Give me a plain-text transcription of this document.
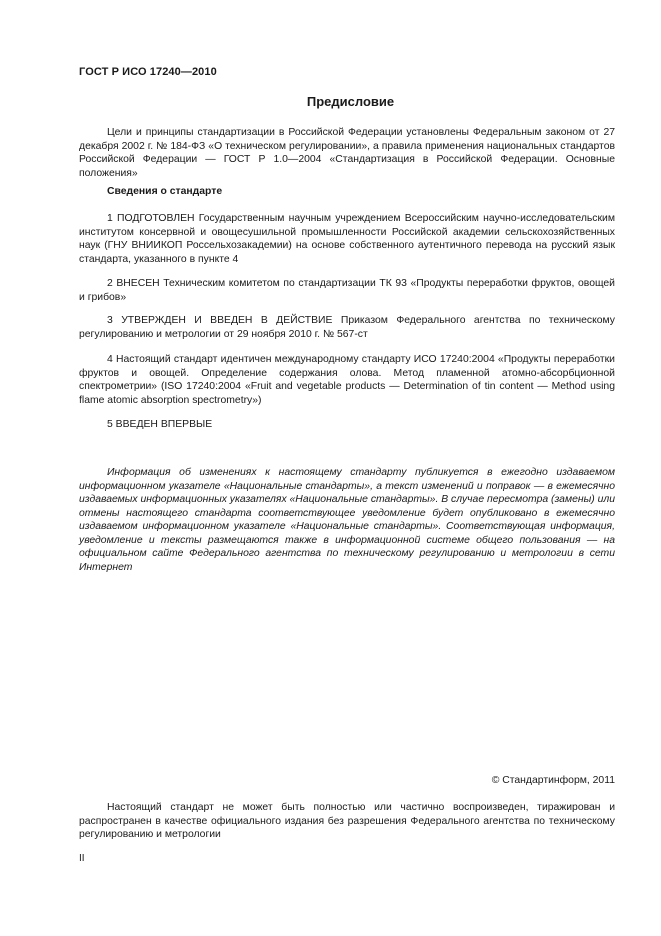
ГОСТ Р ИСО 17240—2010
Предисловие
Цели и принципы стандартизации в Российской Федерации установлены Федеральным законом от 27 декабря 2002 г. № 184-ФЗ «О техническом регулировании», а правила применения национальных стандартов Российской Федерации — ГОСТ Р 1.0—2004 «Стандартизация в Российской Федерации. Основные положения»
Сведения о стандарте
1 ПОДГОТОВЛЕН Государственным научным учреждением Всероссийским научно-исследовательским институтом консервной и овощесушильной промышленности Российской академии сельскохозяйственных наук (ГНУ ВНИИКОП Россельхозакадемии) на основе собственного аутентичного перевода на русский язык стандарта, указанного в пункте 4
2 ВНЕСЕН Техническим комитетом по стандартизации ТК 93 «Продукты переработки фруктов, овощей и грибов»
3 УТВЕРЖДЕН И ВВЕДЕН В ДЕЙСТВИЕ Приказом Федерального агентства по техническому регулированию и метрологии от 29 ноября 2010 г. № 567-ст
4 Настоящий стандарт идентичен международному стандарту ИСО 17240:2004 «Продукты переработки фруктов и овощей. Определение содержания олова. Метод пламенной атомно-абсорбционной спектрометрии» (ISO 17240:2004 «Fruit and vegetable products — Determination of tin content — Method using flame atomic absorption spectrometry»)
5 ВВЕДЕН ВПЕРВЫЕ
Информация об изменениях к настоящему стандарту публикуется в ежегодно издаваемом информационном указателе «Национальные стандарты», а текст изменений и поправок — в ежемесячно издаваемых информационных указателях «Национальные стандарты». В случае пересмотра (замены) или отмены настоящего стандарта соответствующее уведомление будет опубликовано в ежемесячно издаваемом информационном указателе «Национальные стандарты». Соответствующая информация, уведомление и тексты размещаются также в информационной системе общего пользования — на официальном сайте Федерального агентства по техническому регулированию и метрологии в сети Интернет
© Стандартинформ, 2011
Настоящий стандарт не может быть полностью или частично воспроизведен, тиражирован и распространен в качестве официального издания без разрешения Федерального агентства по техническому регулированию и метрологии
II
